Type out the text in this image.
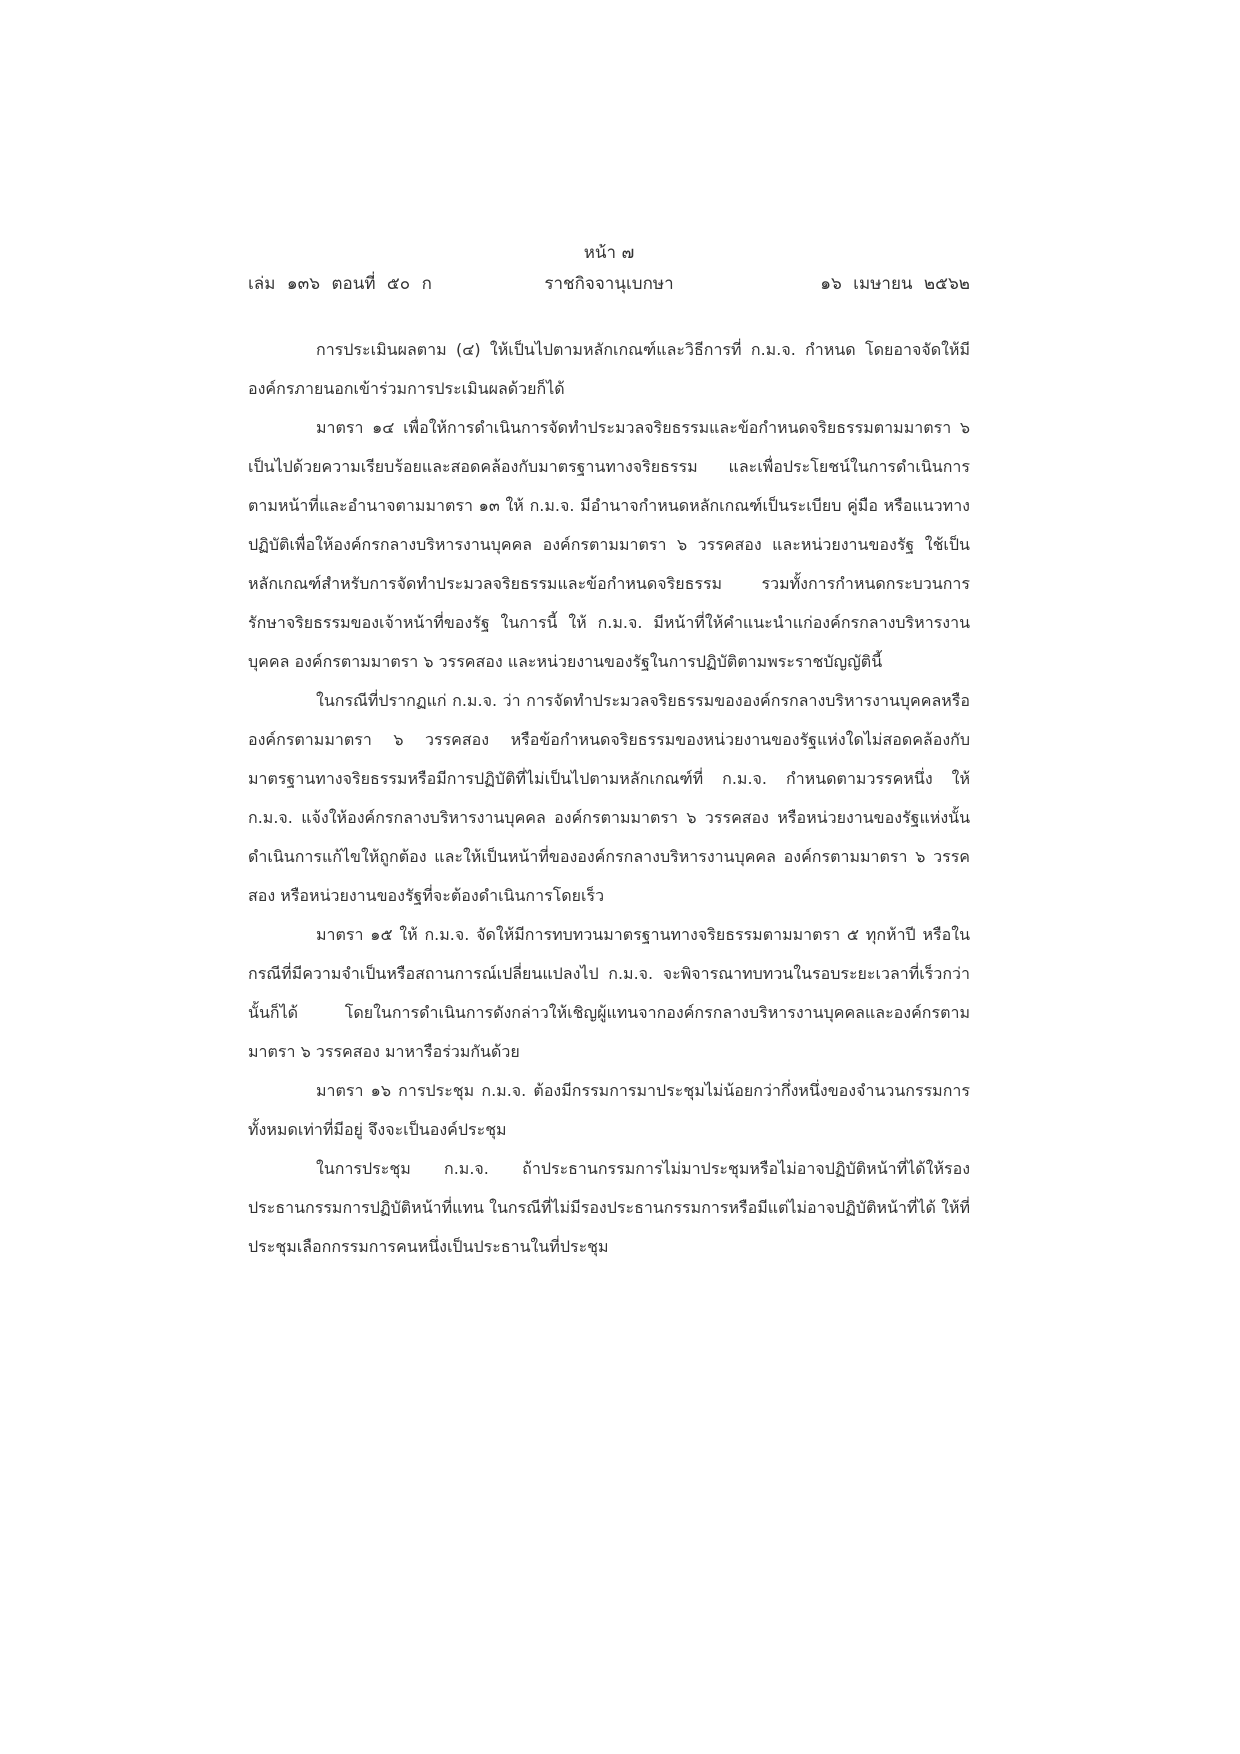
หน้า ๗
เล่ม ๑๓๖ ตอนที่ ๕๐ ก	ราชกิจจานุเบกษา	๑๖ เมษายน ๒๕๖๒

การประเมินผลตาม (๔) ให้เป็นไปตามหลักเกณฑ์และวิธีการที่ ก.ม.จ. กำหนด โดยอาจจัดให้มีองค์กรภายนอกเข้าร่วมการประเมินผลด้วยก็ได้

มาตรา ๑๔ เพื่อให้การดำเนินการจัดทำประมวลจริยธรรมและข้อกำหนดจริยธรรมตามมาตรา ๖ เป็นไปด้วยความเรียบร้อยและสอดคล้องกับมาตรฐานทางจริยธรรม และเพื่อประโยชน์ในการดำเนินการตามหน้าที่และอำนาจตามมาตรา ๑๓ ให้ ก.ม.จ. มีอำนาจกำหนดหลักเกณฑ์เป็นระเบียบ คู่มือ หรือแนวทางปฏิบัติเพื่อให้องค์กรกลางบริหารงานบุคคล องค์กรตามมาตรา ๖ วรรคสอง และหน่วยงานของรัฐ ใช้เป็นหลักเกณฑ์สำหรับการจัดทำประมวลจริยธรรมและข้อกำหนดจริยธรรม รวมทั้งการกำหนดกระบวนการรักษาจริยธรรมของเจ้าหน้าที่ของรัฐ ในการนี้ ให้ ก.ม.จ. มีหน้าที่ให้คำแนะนำแก่องค์กรกลางบริหารงานบุคคล องค์กรตามมาตรา ๖ วรรคสอง และหน่วยงานของรัฐในการปฏิบัติตามพระราชบัญญัตินี้

ในกรณีที่ปรากฏแก่ ก.ม.จ. ว่า การจัดทำประมวลจริยธรรมขององค์กรกลางบริหารงานบุคคลหรือองค์กรตามมาตรา ๖ วรรคสอง หรือข้อกำหนดจริยธรรมของหน่วยงานของรัฐแห่งใดไม่สอดคล้องกับมาตรฐานทางจริยธรรมหรือมีการปฏิบัติที่ไม่เป็นไปตามหลักเกณฑ์ที่ ก.ม.จ. กำหนดตามวรรคหนึ่ง ให้ ก.ม.จ. แจ้งให้องค์กรกลางบริหารงานบุคคล องค์กรตามมาตรา ๖ วรรคสอง หรือหน่วยงานของรัฐแห่งนั้นดำเนินการแก้ไขให้ถูกต้อง และให้เป็นหน้าที่ขององค์กรกลางบริหารงานบุคคล องค์กรตามมาตรา ๖ วรรคสอง หรือหน่วยงานของรัฐที่จะต้องดำเนินการโดยเร็ว

มาตรา ๑๕ ให้ ก.ม.จ. จัดให้มีการทบทวนมาตรฐานทางจริยธรรมตามมาตรา ๕ ทุกห้าปี หรือในกรณีที่มีความจำเป็นหรือสถานการณ์เปลี่ยนแปลงไป ก.ม.จ. จะพิจารณาทบทวนในรอบระยะเวลาที่เร็วกว่านั้นก็ได้ โดยในการดำเนินการดังกล่าวให้เชิญผู้แทนจากองค์กรกลางบริหารงานบุคคลและองค์กรตามมาตรา ๖ วรรคสอง มาหารือร่วมกันด้วย

มาตรา ๑๖ การประชุม ก.ม.จ. ต้องมีกรรมการมาประชุมไม่น้อยกว่ากึ่งหนึ่งของจำนวนกรรมการทั้งหมดเท่าที่มีอยู่ จึงจะเป็นองค์ประชุม

ในการประชุม ก.ม.จ. ถ้าประธานกรรมการไม่มาประชุมหรือไม่อาจปฏิบัติหน้าที่ได้ให้รองประธานกรรมการปฏิบัติหน้าที่แทน ในกรณีที่ไม่มีรองประธานกรรมการหรือมีแต่ไม่อาจปฏิบัติหน้าที่ได้ ให้ที่ประชุมเลือกกรรมการคนหนึ่งเป็นประธานในที่ประชุม
